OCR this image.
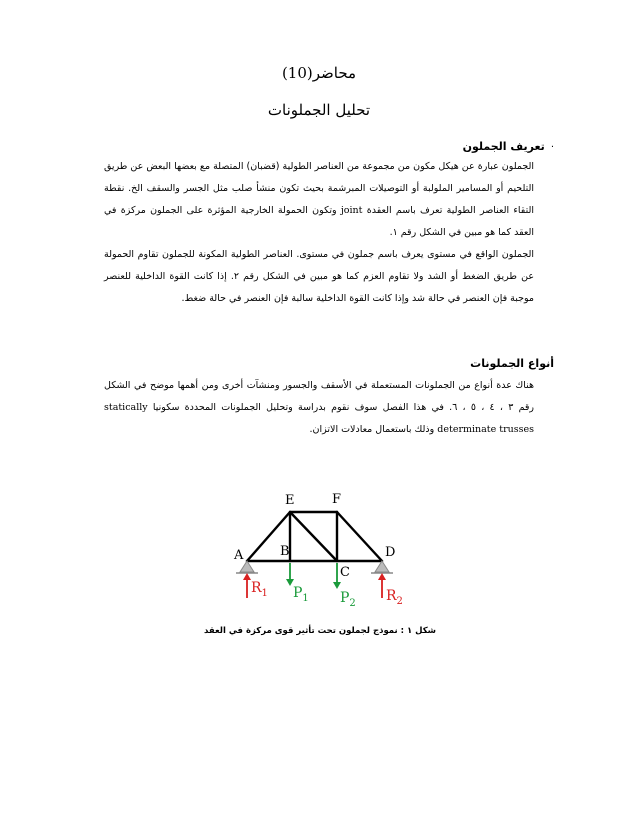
محاضر(10)
تحليل الجملونات
·تعريف الجملون
الجملون عبارة عن هيكل مكون من مجموعة من العناصر الطولية (قضبان) المتصلة مع بعضها البعض عن طريق التلحيم أو المسامير الملولبة أو التوصيلات المبرشمة بحيث تكون منشأ صلب مثل الجسر والسقف الخ. نقطة التقاء العناصر الطولية تعرف باسم العقدة joint وتكون الحمولة الخارجية المؤثرة على الجملون مركزة في العقد كما هو مبين في الشكل رقم ١.
الجملون الواقع في مستوى يعرف باسم جملون في مستوى. العناصر الطولية المكونة للجملون تقاوم الحمولة عن طريق الضغط أو الشد ولا تقاوم العزم كما هو مبين في الشكل رقم ٢. إذا كانت القوة الداخلية للعنصر موجبة فإن العنصر في حالة شد وإذا كانت القوة الداخلية سالبة فإن العنصر في حالة ضغط.
أنواع الجملونات
هناك عدة أنواع من الجملونات المستعملة في الأسقف والجسور ومنشآت أخرى ومن أهمها موضح في الشكل رقم ٣ ، ٤ ، ٥ ، ٦. في هذا الفصل سوف نقوم بدراسة وتحليل الجملونات المحددة سكونيا statically determinate trusses وذلك باستعمال معادلات الاتزان.
A	B
C
D
E	F
$P_1$ $P_2$
$R_1$	$R_2$
شكل ١ : نموذج لجملون تحت تأثير قوى مركزة في العقد
